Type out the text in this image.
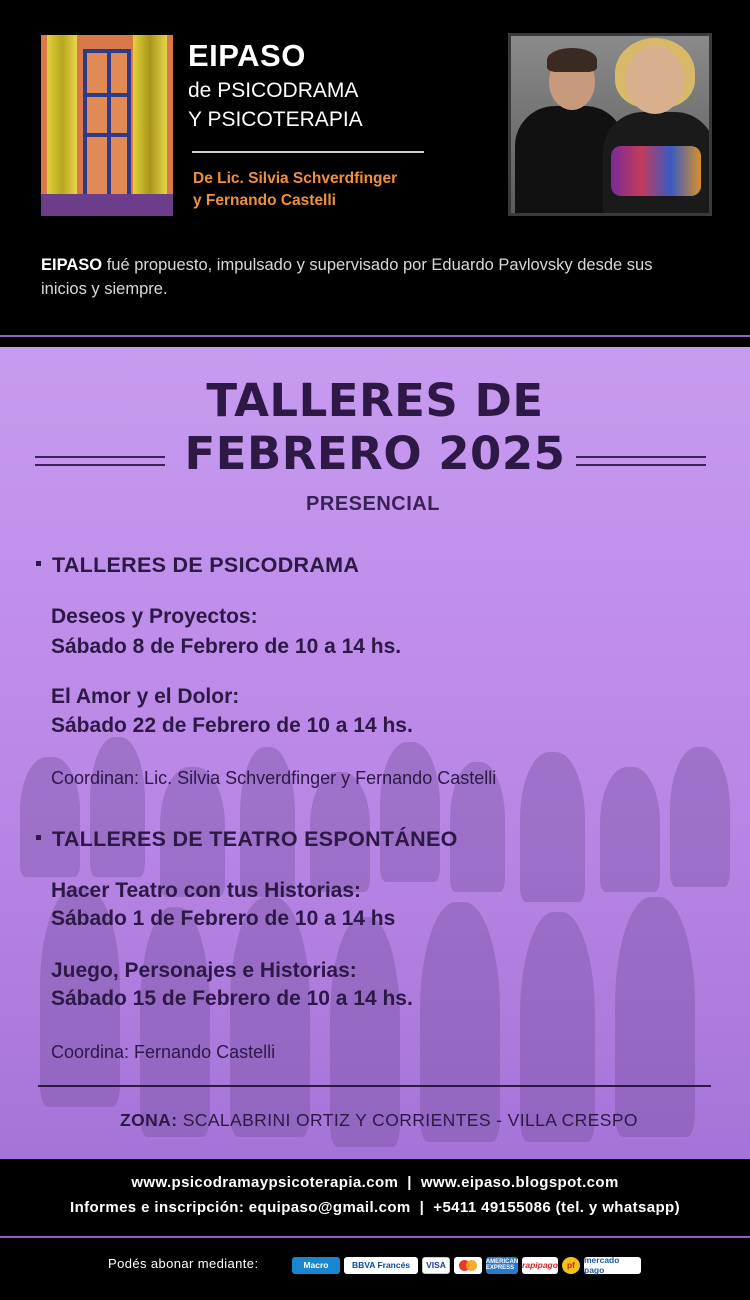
EIPASO
de PSICODRAMA
Y PSICOTERAPIA
De Lic. Silvia Schverdfinger
y Fernando Castelli
EIPASO fué propuesto, impulsado y supervisado por Eduardo Pavlovsky desde sus inicios y siempre.
TALLERES DE
FEBRERO 2025
PRESENCIAL
TALLERES DE PSICODRAMA
Deseos y Proyectos:
Sábado 8 de Febrero de 10 a 14 hs.
El Amor y el Dolor:
Sábado 22 de Febrero de 10 a 14 hs.
Coordinan: Lic. Silvia Schverdfinger y Fernando Castelli
TALLERES DE TEATRO ESPONTÁNEO
Hacer Teatro con tus Historias:
Sábado 1 de Febrero de 10 a 14 hs
Juego, Personajes e Historias:
Sábado 15 de Febrero de 10 a 14 hs.
Coordina: Fernando Castelli
ZONA: SCALABRINI ORTIZ Y CORRIENTES - VILLA CRESPO
www.psicodramaypsicoterapia.com | www.eipaso.blogspot.com
Informes e inscripción: equipaso@gmail.com | +5411 49155086 (tel. y whatsapp)
Podés abonar mediante:	Macro	BBVA Francés	VISA	AMERICAN EXPRESS rapipago	pf	mercado pago
